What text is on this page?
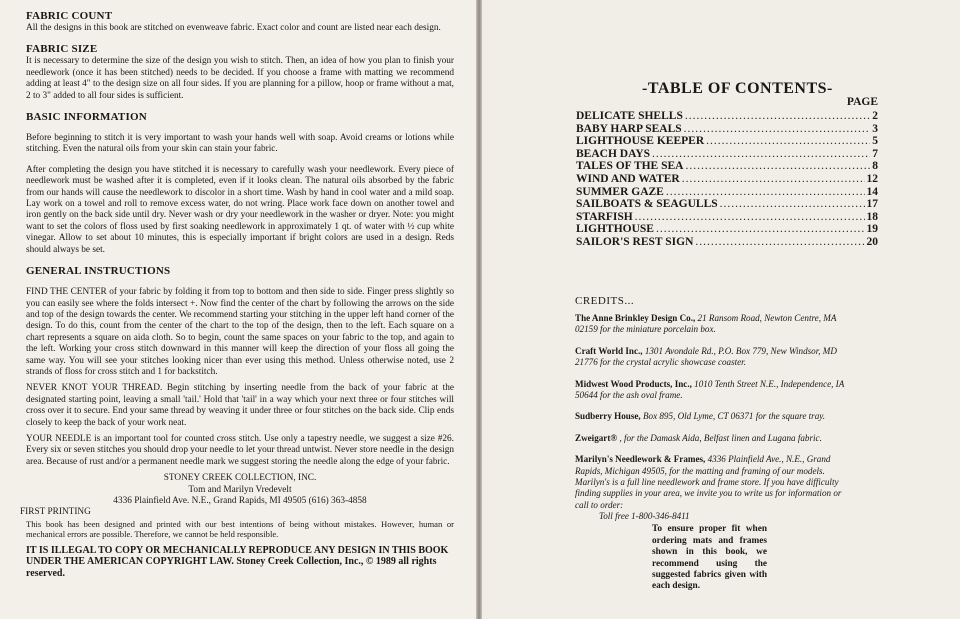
FABRIC COUNT

All the designs in this book are stitched on evenweave fabric. Exact color and count are listed near each design.

FABRIC SIZE

It is necessary to determine the size of the design you wish to stitch. Then, an idea of how you plan to finish your needlework (once it has been stitched) needs to be decided. If you choose a frame with matting we recommend adding at least 4" to the design size on all four sides. If you are planning for a pillow, hoop or frame without a mat, 2 to 3" added to all four sides is sufficient.

BASIC INFORMATION

Before beginning to stitch it is very important to wash your hands well with soap. Avoid creams or lotions while stitching. Even the natural oils from your skin can stain your fabric.

After completing the design you have stitched it is necessary to carefully wash your needlework. Every piece of needlework must be washed after it is completed, even if it looks clean. The natural oils absorbed by the fabric from our hands will cause the needlework to discolor in a short time. Wash by hand in cool water and a mild soap. Lay work on a towel and roll to remove excess water, do not wring. Place work face down on another towel and iron gently on the back side until dry. Never wash or dry your needlework in the washer or dryer. Note: you might want to set the colors of floss used by first soaking needlework in approximately 1 qt. of water with ½ cup white vinegar. Allow to set about 10 minutes, this is especially important if bright colors are used in a design. Reds should always be set.

GENERAL INSTRUCTIONS

FIND THE CENTER of your fabric by folding it from top to bottom and then side to side. Finger press slightly so you can easily see where the folds intersect +. Now find the center of the chart by following the arrows on the side and top of the design towards the center. We recommend starting your stitching in the upper left hand corner of the design. To do this, count from the center of the chart to the top of the design, then to the left. Each square on a chart represents a square on aida cloth. So to begin, count the same spaces on your fabric to the top, and again to the left. Working your cross stitch downward in this manner will keep the direction of your floss all going the same way. You will see your stitches looking nicer than ever using this method. Unless otherwise noted, use 2 strands of floss for cross stitch and 1 for backstitch.

NEVER KNOT YOUR THREAD. Begin stitching by inserting needle from the back of your fabric at the designated starting point, leaving a small 'tail.' Hold that 'tail' in a way which your next three or four stitches will cross over it to secure. End your same thread by weaving it under three or four stitches on the back side. Clip ends closely to keep the back of your work neat.

YOUR NEEDLE is an important tool for counted cross stitch. Use only a tapestry needle, we suggest a size #26. Every six or seven stitches you should drop your needle to let your thread untwist. Never store needle in the design area. Because of rust and/or a permanent needle mark we suggest storing the needle along the edge of your fabric.

STONEY CREEK COLLECTION, INC.

Tom and Marilyn Vredevelt

4336 Plainfield Ave. N.E., Grand Rapids, MI 49505 (616) 363-4858

FIRST PRINTING

This book has been designed and printed with our best intentions of being without mistakes. However, human or mechanical errors are possible. Therefore, we cannot be held responsible.

IT IS ILLEGAL TO COPY OR MECHANICALLY REPRODUCE ANY DESIGN IN THIS BOOK UNDER THE AMERICAN COPYRIGHT LAW. Stoney Creek Collection, Inc., © 1989 all rights reserved.

-TABLE OF CONTENTS-
PAGE
DELICATE SHELLS .....	2
BABY HARP SEALS .....	3
LIGHTHOUSE KEEPER .....	5
BEACH DAYS .....	7
TALES OF THE SEA .....	8
WIND AND WATER .....	12
SUMMER GAZE .....	14
SAILBOATS & SEAGULLS .....	17
STARFISH .....	18
LIGHTHOUSE .....	19
SAILOR'S REST SIGN .....	20

CREDITS...

The Anne Brinkley Design Co., 21 Ransom Road, Newton Centre, MA 02159 for the miniature porcelain box.

Craft World Inc., 1301 Avondale Rd., P.O. Box 779, New Windsor, MD 21776 for the crystal acrylic showcase coaster.

Midwest Wood Products, Inc., 1010 Tenth Street N.E., Independence, IA 50644 for the ash oval frame.

Sudberry House, Box 895, Old Lyme, CT 06371 for the square tray.

Zweigart® , for the Damask Aida, Belfast linen and Lugana fabric.

Marilyn's Needlework & Frames, 4336 Plainfield Ave., N.E., Grand Rapids, Michigan 49505, for the matting and framing of our models. Marilyn's is a full line needlework and frame store. If you have difficulty finding supplies in your area, we invite you to write us for information or call to order:

Toll free 1-800-346-8411

To ensure proper fit when ordering mats and frames shown in this book, we recommend using the suggested fabrics given with each design.
